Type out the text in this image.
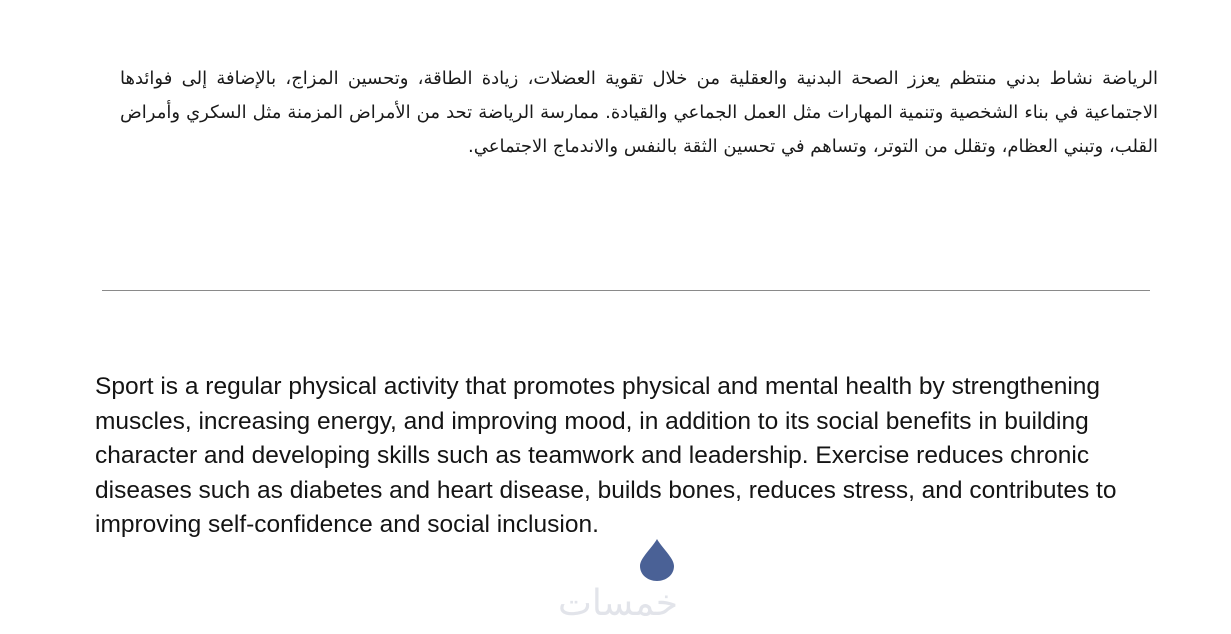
الرياضة نشاط بدني منتظم يعزز الصحة البدنية والعقلية من خلال تقوية العضلات، زيادة الطاقة، وتحسين المزاج، بالإضافة إلى فوائدها الاجتماعية في بناء الشخصية وتنمية المهارات مثل العمل الجماعي والقيادة. ممارسة الرياضة تحد من الأمراض المزمنة مثل السكري وأمراض القلب، وتبني العظام، وتقلل من التوتر، وتساهم في تحسين الثقة بالنفس والاندماج الاجتماعي.

Sport is a regular physical activity that promotes physical and mental health by strengthening muscles, increasing energy, and improving mood, in addition to its social benefits in building character and developing skills such as teamwork and leadership. Exercise reduces chronic diseases such as diabetes and heart disease, builds bones, reduces stress, and contributes to improving self-confidence and social inclusion.

خمسات
